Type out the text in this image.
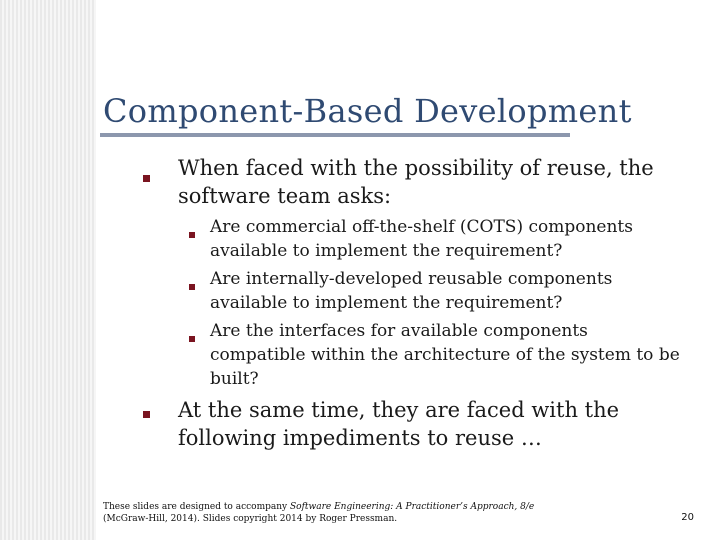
Component-Based Development
When faced with the possibility of reuse, the software team asks:
Are commercial off-the-shelf (COTS) components available to implement the requirement?
Are internally-developed reusable components available to implement the requirement?
Are the interfaces for available components compatible within the architecture of the system to be built?
At the same time, they are faced with the following impediments to reuse …
These slides are designed to accompany Software Engineering: A Practitioner’s Approach, 8/e (McGraw-Hill, 2014). Slides copyright 2014 by Roger Pressman.	20
